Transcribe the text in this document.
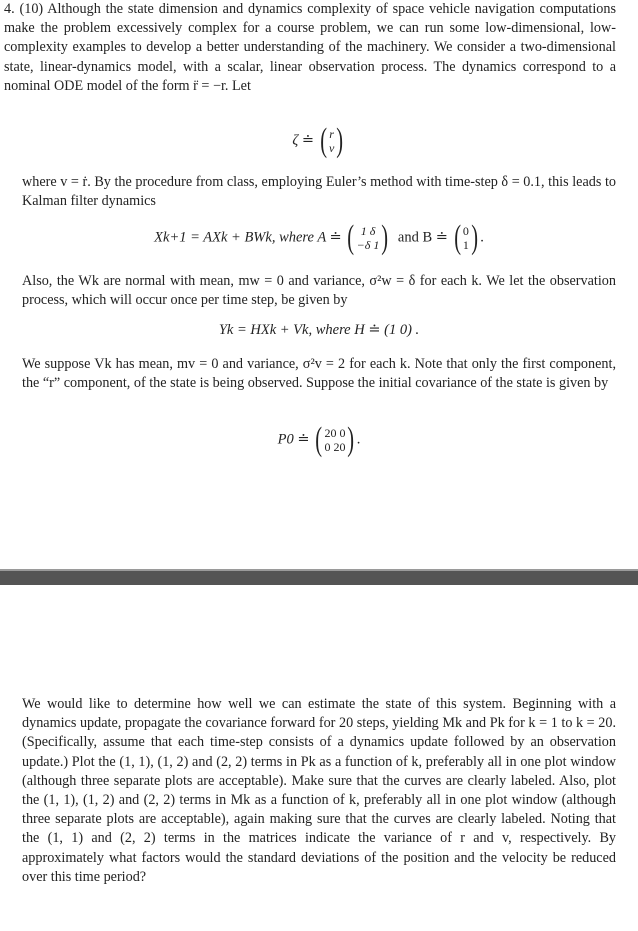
4. (10) Although the state dimension and dynamics complexity of space vehicle navigation computations make the problem excessively complex for a course problem, we can run some low-dimensional, low-complexity examples to develop a better understanding of the machinery. We consider a two-dimensional state, linear-dynamics model, with a scalar, linear observation process. The dynamics correspond to a nominal ODE model of the form r̈ = −r. Let

ζ ≐ ( r
v )

where v = ṙ. By the procedure from class, employing Euler’s method with time-step δ = 0.1, this leads to Kalman filter dynamics

Xk+1 = AXk + BWk, where A ≐ ( 1 δ
−δ 1 ) and B ≐ ( 0
1 ) .

Also, the Wk are normal with mean, mw = 0 and variance, σ²w = δ for each k. We let the observation process, which will occur once per time step, be given by

Yk = HXk + Vk, where H ≐ (1 0) .

We suppose Vk has mean, mv = 0 and variance, σ²v = 2 for each k. Note that only the first component, the “r” component, of the state is being observed. Suppose the initial covariance of the state is given by

P0 ≐ ( 20 0
0 20 ) .

We would like to determine how well we can estimate the state of this system. Beginning with a dynamics update, propagate the covariance forward for 20 steps, yielding Mk and Pk for k = 1 to k = 20. (Specifically, assume that each time-step consists of a dynamics update followed by an observation update.) Plot the (1, 1), (1, 2) and (2, 2) terms in Pk as a function of k, preferably all in one plot window (although three separate plots are acceptable). Make sure that the curves are clearly labeled. Also, plot the (1, 1), (1, 2) and (2, 2) terms in Mk as a function of k, preferably all in one plot window (although three separate plots are acceptable), again making sure that the curves are clearly labeled. Noting that the (1, 1) and (2, 2) terms in the matrices indicate the variance of r and v, respectively. By approximately what factors would the standard deviations of the position and the velocity be reduced over this time period?
